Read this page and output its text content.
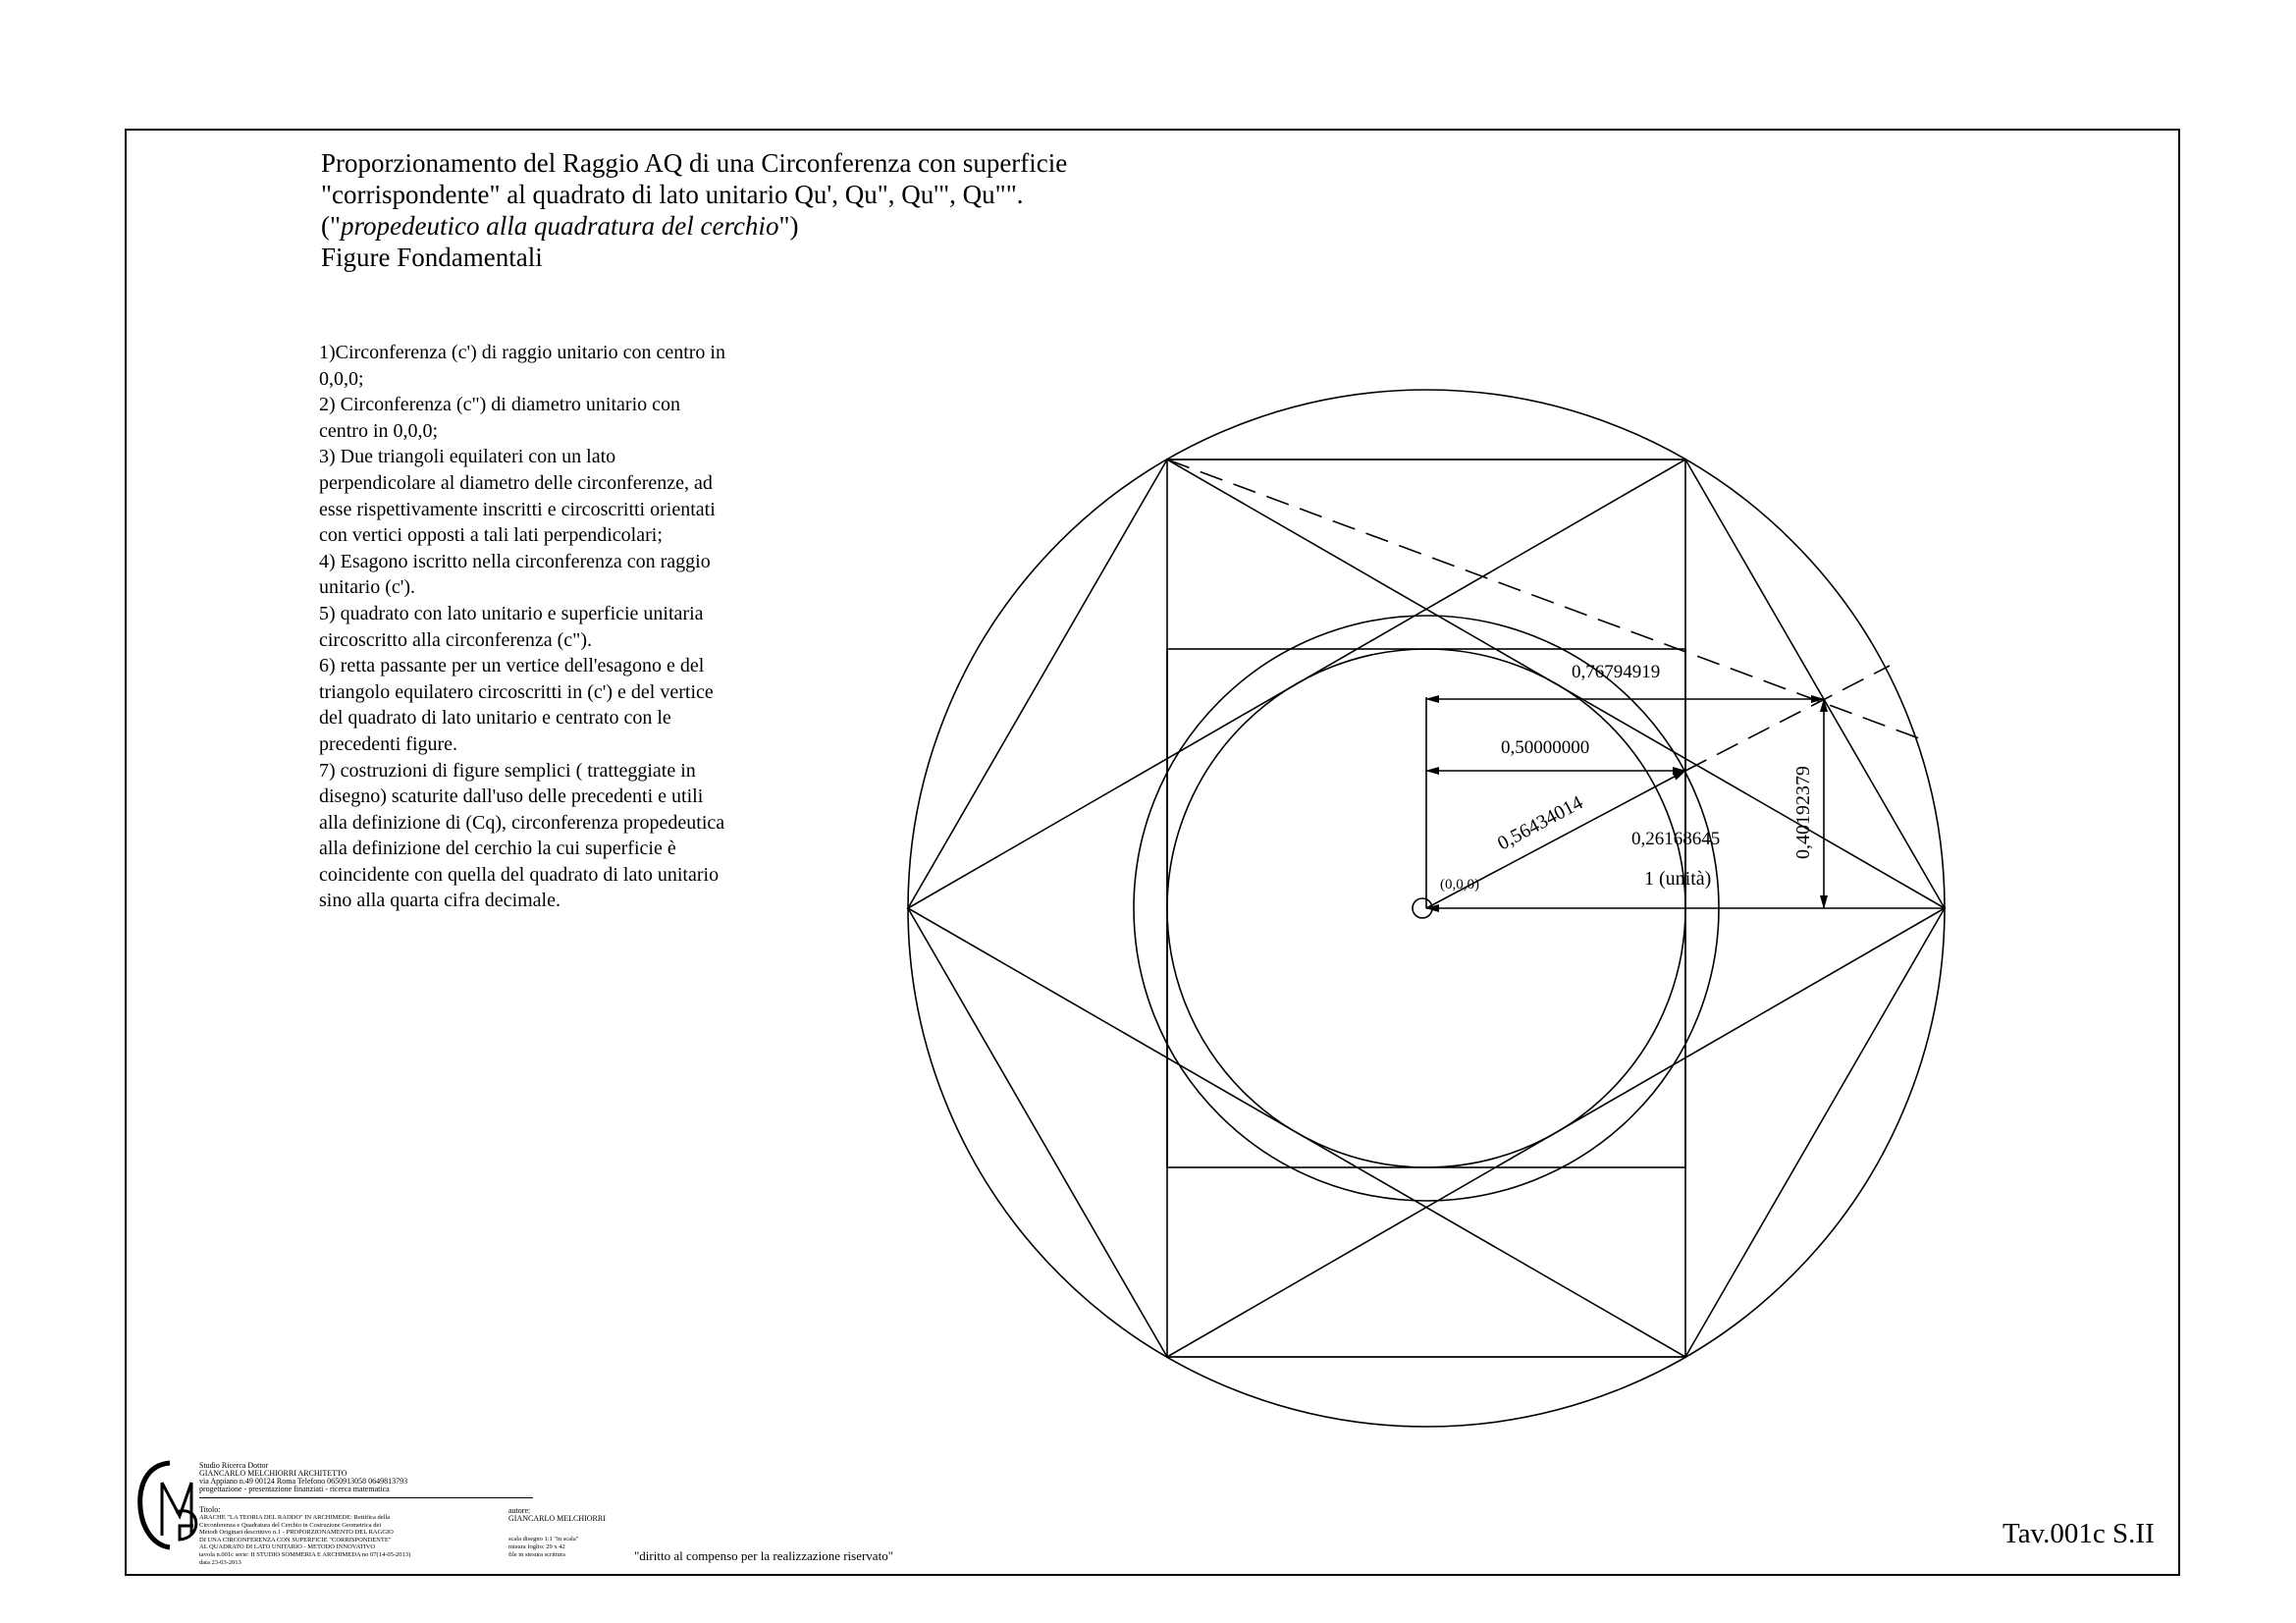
Proporzionamento del Raggio AQ di una Circonferenza con superficie
"corrispondente" al quadrato di lato unitario Qu', Qu", Qu'", Qu"".
("propedeutico alla quadratura del cerchio")
Figure Fondamentali
1)Circonferenza (c') di raggio unitario con centro in
0,0,0;
2) Circonferenza (c") di diametro unitario con
centro in 0,0,0;
3) Due triangoli equilateri con un lato
perpendicolare al diametro delle circonferenze, ad
esse rispettivamente inscritti e circoscritti orientati
con vertici opposti a tali lati perpendicolari;
4) Esagono iscritto nella circonferenza con raggio
unitario (c').
5) quadrato con lato unitario e superficie unitaria
circoscritto alla circonferenza (c").
6) retta passante per un vertice dell'esagono e del
triangolo equilatero circoscritti in (c') e del vertice
del quadrato di lato unitario e centrato con le
precedenti figure.
7) costruzioni di figure semplici ( tratteggiate in
disegno) scaturite dall'uso delle precedenti e utili
alla definizione di (Cq), circonferenza propedeutica
alla definizione del cerchio la cui superficie è
coincidente con quella del quadrato di lato unitario
sino alla quarta cifra decimale.
0,76794919
0,50000000
0,56434014 0,26168645	0,40192379
1 (unità)
(0,0,0)
Studio Ricerca Dottor
GIANCARLO MELCHIORRI ARCHITETTO
via Appiano n.49 00124 Roma Telefono 0650913058 0649813793
progettazione - presentazione finanziati - ricerca matematica
Titolo:
ARACHE "LA TEORIA DEL RADDO" IN ARCHIMEDE: Rettifica della Circonferenza e Quadratura del Cerchio in Costruzione Geometrica dei Metodi Originari descrittivo n.1 - PROPORZIONAMENTO DEL RAGGIO DI UNA CIRCONFERENZA CON SUPERFICIE "CORRISPONDENTE" AL QUADRATO DI LATO UNITARIO - METODO INNOVATIVO
tavola n.001c serie: II STUDIO SOMMERIA E ARCHIMEDA no 07(14-05-2013)
data 23-03-2013
autore:
GIANCARLO MELCHIORRI
scala disegno 1:1 "in scala"
misura foglio: 29 x 42
file in stesura scrittura	"diritto al compenso per la realizzazione riservato"
Tav.001c S.II
